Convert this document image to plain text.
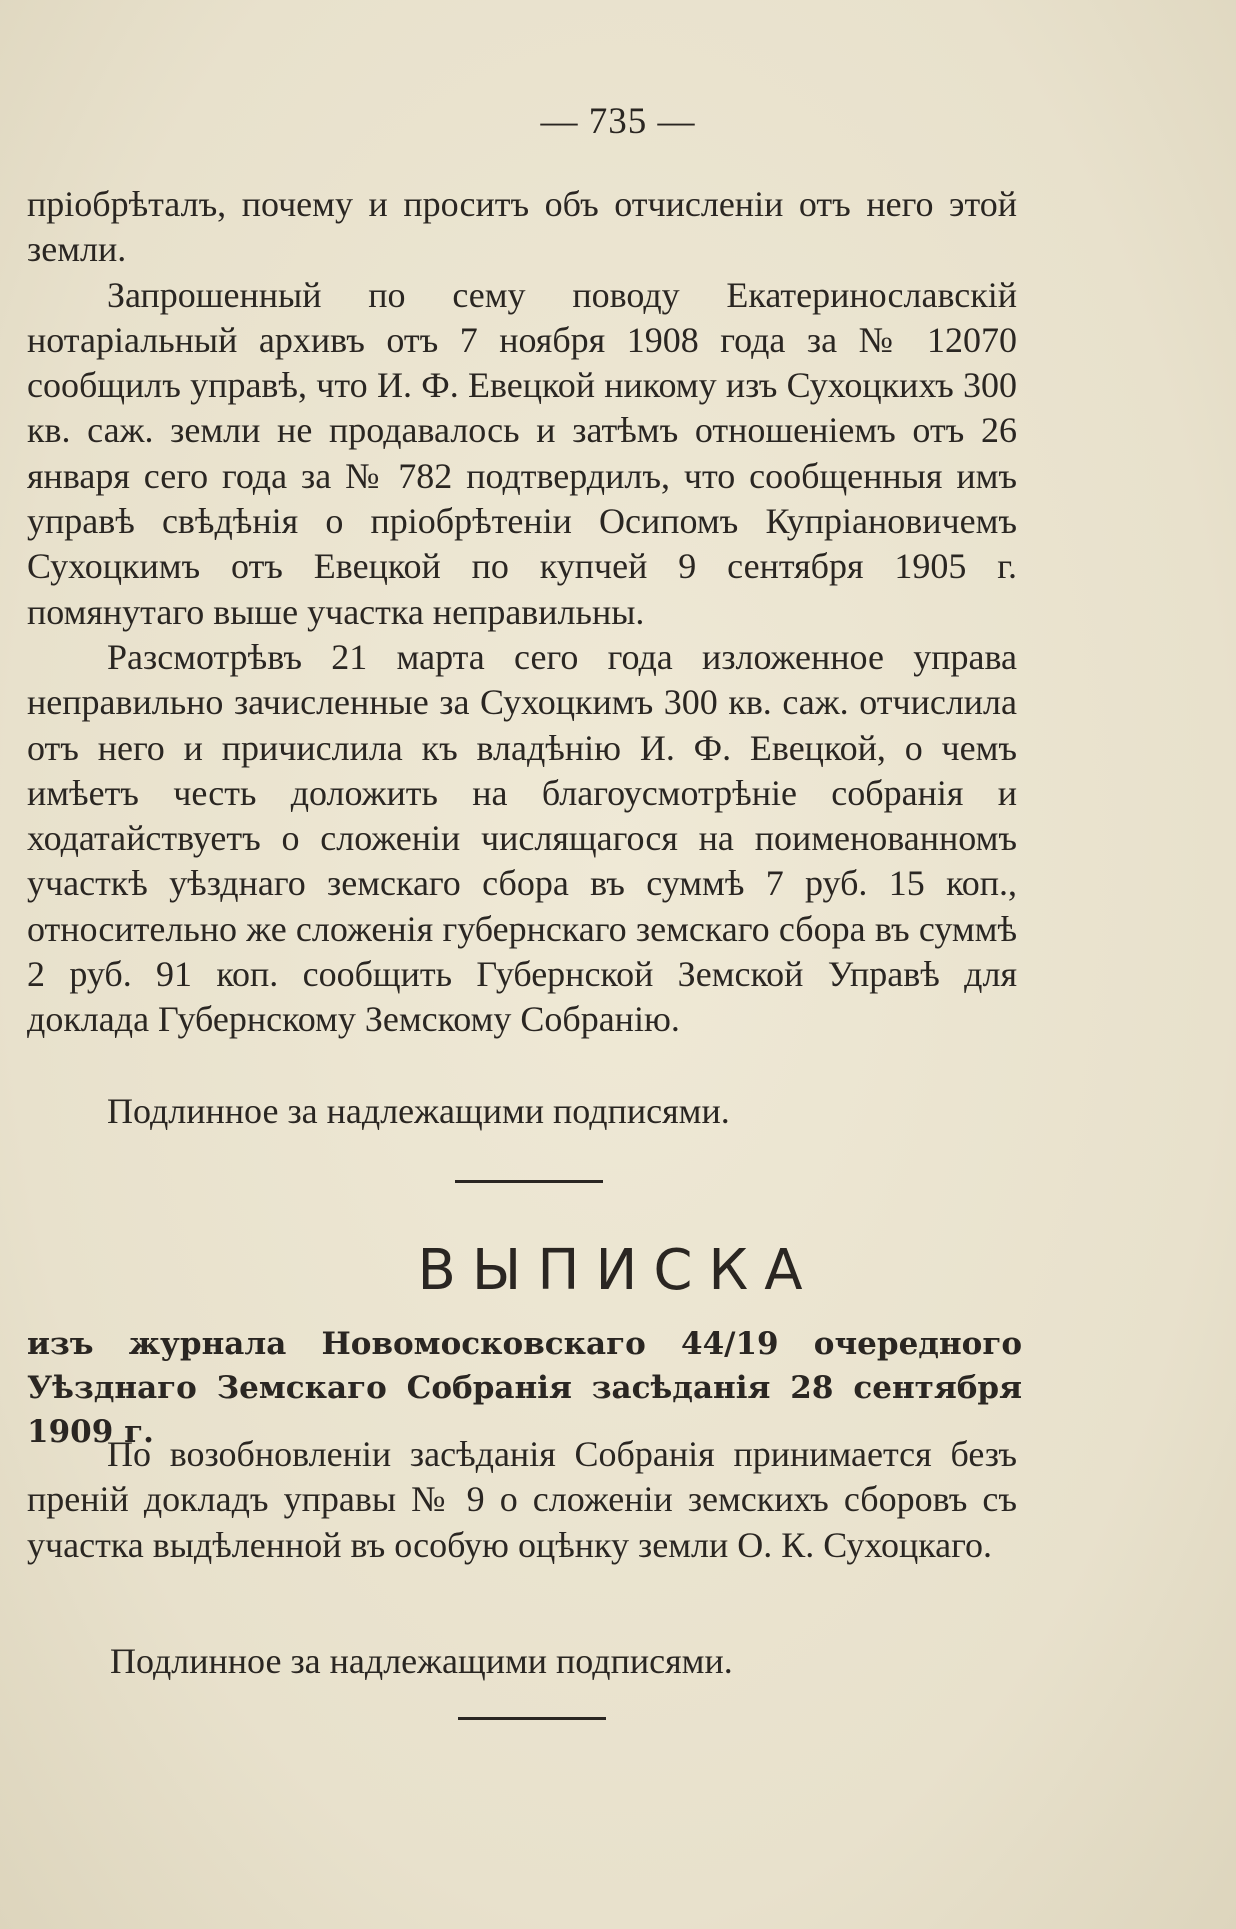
— 735 —

пріобрѣталъ, почему и проситъ объ отчисленіи отъ него этой земли.

Запрошенный по сему поводу Екатеринославскій нотаріальный архивъ отъ 7 ноября 1908 года за № 12070 сообщилъ управѣ, что И. Ф. Евецкой никому изъ Сухоцкихъ 300 кв. саж. земли не продавалось и затѣмъ отношеніемъ отъ 26 января сего года за № 782 подтвердилъ, что сообщенныя имъ управѣ свѣдѣнія о пріобрѣтеніи Осипомъ Купріановичемъ Сухоцкимъ отъ Евецкой по купчей 9 сентября 1905 г. помянутаго выше участка неправильны.

Разсмотрѣвъ 21 марта сего года изложенное управа неправильно зачисленные за Сухоцкимъ 300 кв. саж. отчислила отъ него и причислила къ владѣнію И. Ф. Евецкой, о чемъ имѣетъ честь доложить на благоусмотрѣніе собранія и ходатайствуетъ о сложеніи числящагося на поименованномъ участкѣ уѣзднаго земскаго сбора въ суммѣ 7 руб. 15 коп., относительно же сложенія губернскаго земскаго сбора въ суммѣ 2 руб. 91 коп. сообщить Губернской Земской Управѣ для доклада Губернскому Земскому Собранію.

Подлинное за надлежащими подписями.
ВЫПИСКА

изъ журнала Новомосковскаго 44/19 очередного Уѣзднаго Земскаго Собранія засѣданія 28 сентября 1909 г.

По возобновленіи засѣданія Собранія принимается безъ преній докладъ управы № 9 о сложеніи земскихъ сборовъ съ участка выдѣленной въ особую оцѣнку земли О. К. Сухоцкаго.

Подлинное за надлежащими подписями.
